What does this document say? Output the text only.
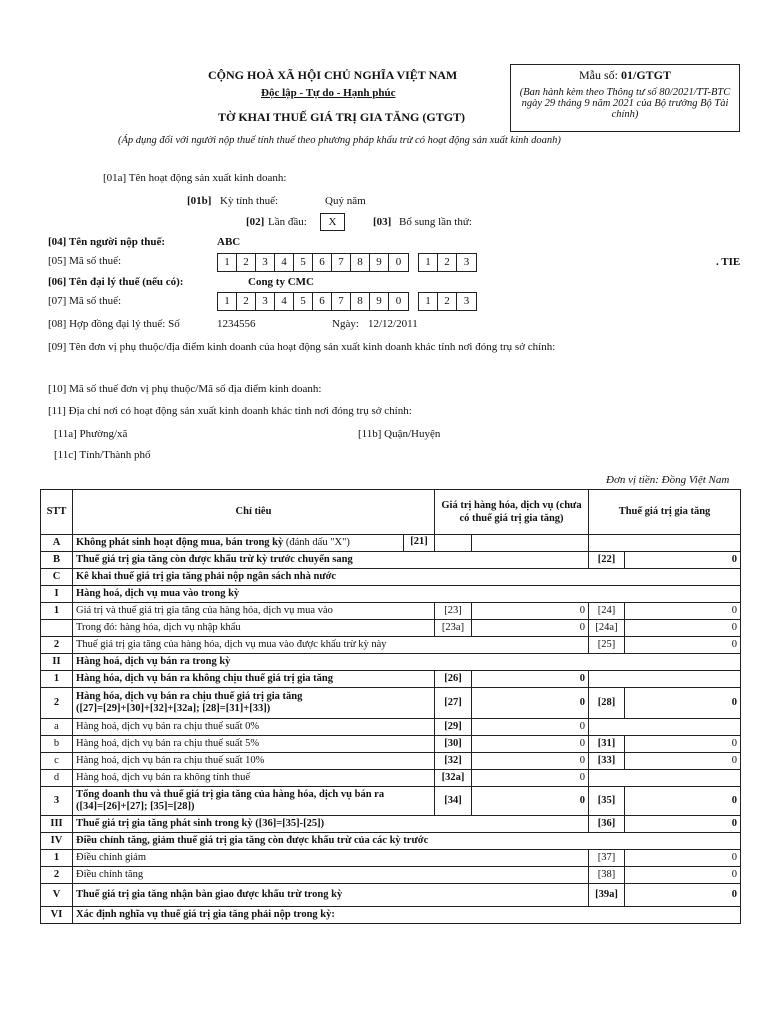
CỘNG HOÀ XÃ HỘI CHỦ NGHĨA VIỆT NAM
Độc lập - Tự do - Hạnh phúc
TỜ KHAI THUẾ GIÁ TRỊ GIA TĂNG (GTGT)
(Áp dụng đối với người nộp thuế tính thuế theo phương pháp khấu trừ có hoạt động sản xuất kinh doanh)
Mẫu số: 01/GTGT
(Ban hành kèm theo Thông tư số 80/2021/TT-BTC ngày 29 tháng 9 năm 2021 của Bộ trưởng Bộ Tài chính)
[01a] Tên hoạt động sản xuất kinh doanh:
[01b] Kỳ tính thuế:	Quý năm
[02] Lần đầu:	X	[03] Bổ sung lần thứ:
[04] Tên người nộp thuế:	ABC
[05] Mã số thuế:	1	2	3	4	5	6	7	8	9	0	1	2	3	. TIE
[06] Tên đại lý thuế (nếu có):	Cong ty CMC
[07] Mã số thuế:	1	2	3	4	5	6	7	8	9	0	1	2	3
[08] Hợp đồng đại lý thuế: Số	1234556	Ngày: 12/12/2011
[09] Tên đơn vị phụ thuộc/địa điểm kinh doanh của hoạt động sản xuất kinh doanh khác tỉnh nơi đóng trụ sở chính:
[10] Mã số thuế đơn vị phụ thuộc/Mã số địa điểm kinh doanh:
[11] Địa chỉ nơi có hoạt động sản xuất kinh doanh khác tỉnh nơi đóng trụ sở chính:
[11a] Phường/xã	[11b] Quận/Huyện
[11c] Tỉnh/Thành phố
Đơn vị tiền: Đồng Việt Nam
STT	Chỉ tiêu	Giá trị hàng hóa, dịch vụ (chưa có thuế giá trị gia tăng)		Thuế giá trị gia tăng	
A	Không phát sinh hoạt động mua, bán trong kỳ (đánh dấu "X") [21]				

B	Thuế giá trị gia tăng còn được khấu trừ kỳ trước chuyển sang			[22]	0
C	Kê khai thuế giá trị gia tăng phải nộp ngân sách nhà nước				
I	Hàng hoá, dịch vụ mua vào trong kỳ				
1	Giá trị và thuế giá trị gia tăng của hàng hóa, dịch vụ mua vào	[23]	0	[24]	0
	Trong đó: hàng hóa, dịch vụ nhập khẩu	[23a]	0	[24a]	0
2	Thuế giá trị gia tăng của hàng hóa, dịch vụ mua vào được khấu trừ kỳ này			[25]	0
II	Hàng hoá, dịch vụ bán ra trong kỳ				
1	Hàng hóa, dịch vụ bán ra không chịu thuế giá trị gia tăng	[26]	0		
2	Hàng hóa, dịch vụ bán ra chịu thuế giá trị gia tăng
([27]=[29]+[30]+[32]+[32a]; [28]=[31]+[33])	[27]	0	[28]	0
a	Hàng hoá, dịch vụ bán ra chịu thuế suất 0%	[29]	0		
b	Hàng hoá, dịch vụ bán ra chịu thuế suất 5%	[30]	0	[31]	0
c	Hàng hoá, dịch vụ bán ra chịu thuế suất 10%	[32]	0	[33]	0
d	Hàng hoá, dịch vụ bán ra không tính thuế	[32a]	0		
3	Tổng doanh thu và thuế giá trị gia tăng của hàng hóa, dịch vụ bán ra
([34]=[26]+[27]; [35]=[28])	[34]	0	[35]	0
III	Thuế giá trị gia tăng phát sinh trong kỳ ([36]=[35]-[25])			[36]	0
IV	Điều chỉnh tăng, giảm thuế giá trị gia tăng còn được khấu trừ của các kỳ trước				
1	Điều chỉnh giảm			[37]	0
2	Điều chỉnh tăng			[38]	0
V	Thuế giá trị gia tăng nhận bàn giao được khấu trừ trong kỳ			[39a]	0
VI	Xác định nghĩa vụ thuế giá trị gia tăng phải nộp trong kỳ:				
